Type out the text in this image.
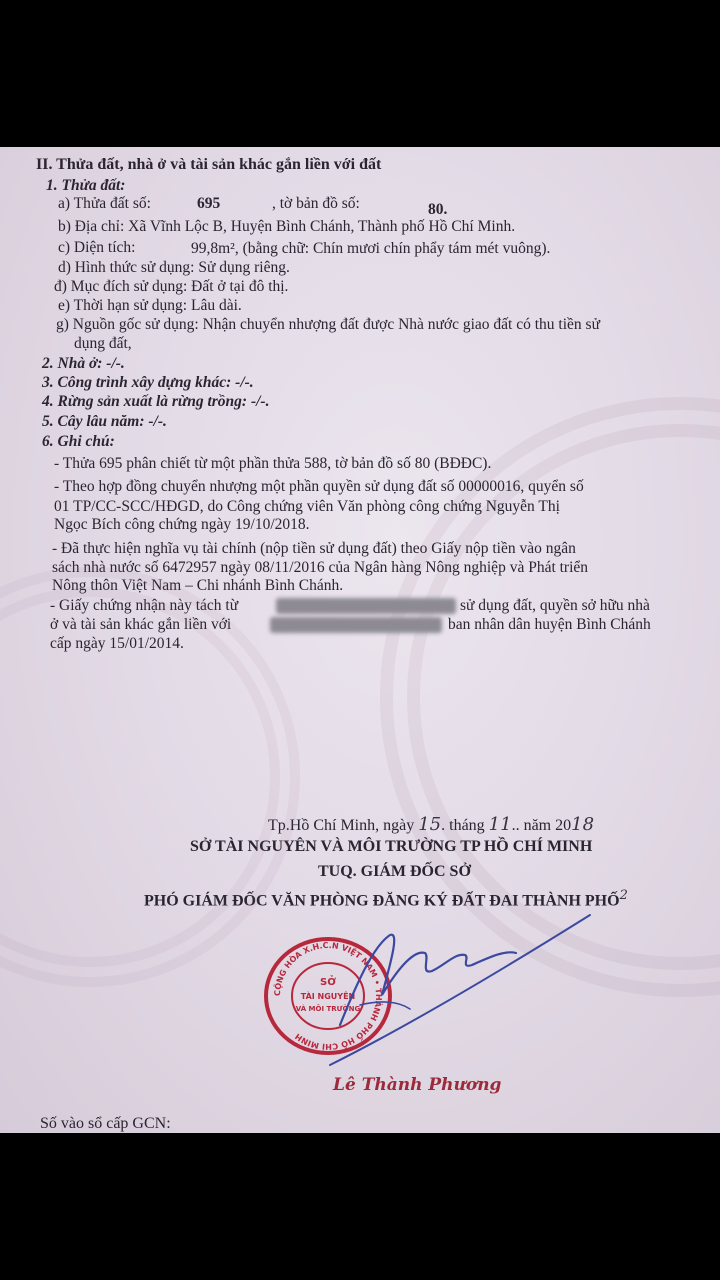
II. Thửa đất, nhà ở và tài sản khác gắn liền với đất
1. Thửa đất:
a) Thửa đất số:	695	, tờ bản đồ số:	80.
b) Địa chỉ: Xã Vĩnh Lộc B, Huyện Bình Chánh, Thành phố Hồ Chí Minh.
c) Diện tích:	99,8m², (bằng chữ: Chín mươi chín phẩy tám mét vuông).
d) Hình thức sử dụng: Sử dụng riêng.
đ) Mục đích sử dụng: Đất ở tại đô thị.
e) Thời hạn sử dụng: Lâu dài.
g) Nguồn gốc sử dụng: Nhận chuyển nhượng đất được Nhà nước giao đất có thu tiền sử
dụng đất,
2. Nhà ở: -/-.
3. Công trình xây dựng khác: -/-.
4. Rừng sản xuất là rừng trồng: -/-.
5. Cây lâu năm: -/-.
6. Ghi chú:
- Thửa 695 phân chiết từ một phần thửa 588, tờ bản đồ số 80 (BĐĐC).
- Theo hợp đồng chuyển nhượng một phần quyền sử dụng đất số 00000016, quyển số
01 TP/CC-SCC/HĐGD, do Công chứng viên Văn phòng công chứng Nguyễn Thị
Ngọc Bích công chứng ngày 19/10/2018.
- Đã thực hiện nghĩa vụ tài chính (nộp tiền sử dụng đất) theo Giấy nộp tiền vào ngân
sách nhà nước số 6472957 ngày 08/11/2016 của Ngân hàng Nông nghiệp và Phát triển
Nông thôn Việt Nam – Chi nhánh Bình Chánh.
- Giấy chứng nhận này tách từ	sử dụng đất, quyền sở hữu nhà
ở và tài sản khác gắn liền với	ban nhân dân huyện Bình Chánh
cấp ngày 15/01/2014.
Tp.Hồ Chí Minh, ngày 15. tháng 11.. năm 2018
SỞ TÀI NGUYÊN VÀ MÔI TRƯỜNG TP HỒ CHÍ MINH
TUQ. GIÁM ĐỐC SỞ
PHÓ GIÁM ĐỐC VĂN PHÒNG ĐĂNG KÝ ĐẤT ĐAI THÀNH PHỐ$^2$
Số vào sổ cấp GCN:
CỘNG HÒA X.H.C.N VIỆT NAM • THÀNH PHỐ HỒ CHÍ MINH
SỞ
TÀI NGUYÊN
VÀ MÔI TRƯỜNG
Lê Thành Phương
